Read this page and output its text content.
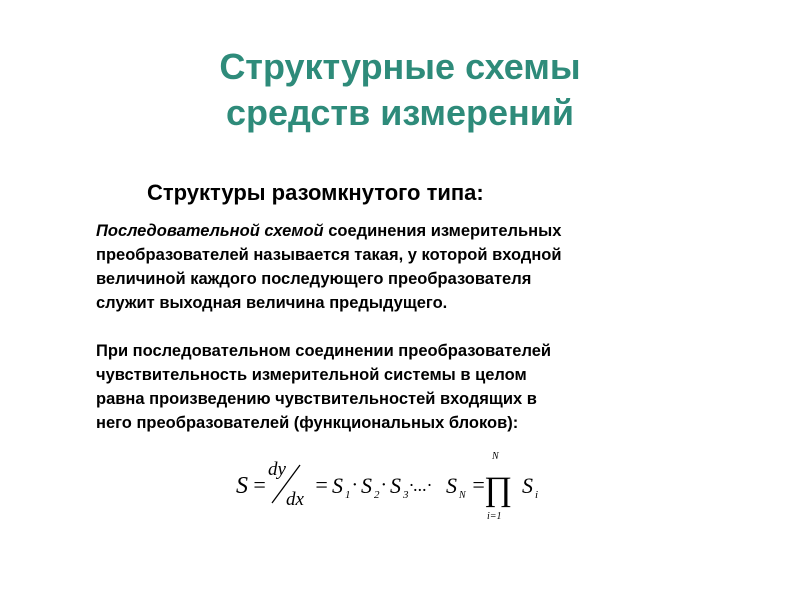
Структурные схемы
средств измерений
Структуры разомкнутого типа:
Последовательной схемой соединения измерительных
преобразователей называется такая, у которой входной
величиной каждого последующего преобразователя
служит выходная величина предыдущего.
При последовательном соединении преобразователей
чувствительность измерительной системы в целом
равна произведению чувствительностей входящих в
него преобразователей (функциональных блоков):
S =
dy
dx
= S 1 · S 2 · S 3 ·...· S N =
N
∏
i=1
S i
